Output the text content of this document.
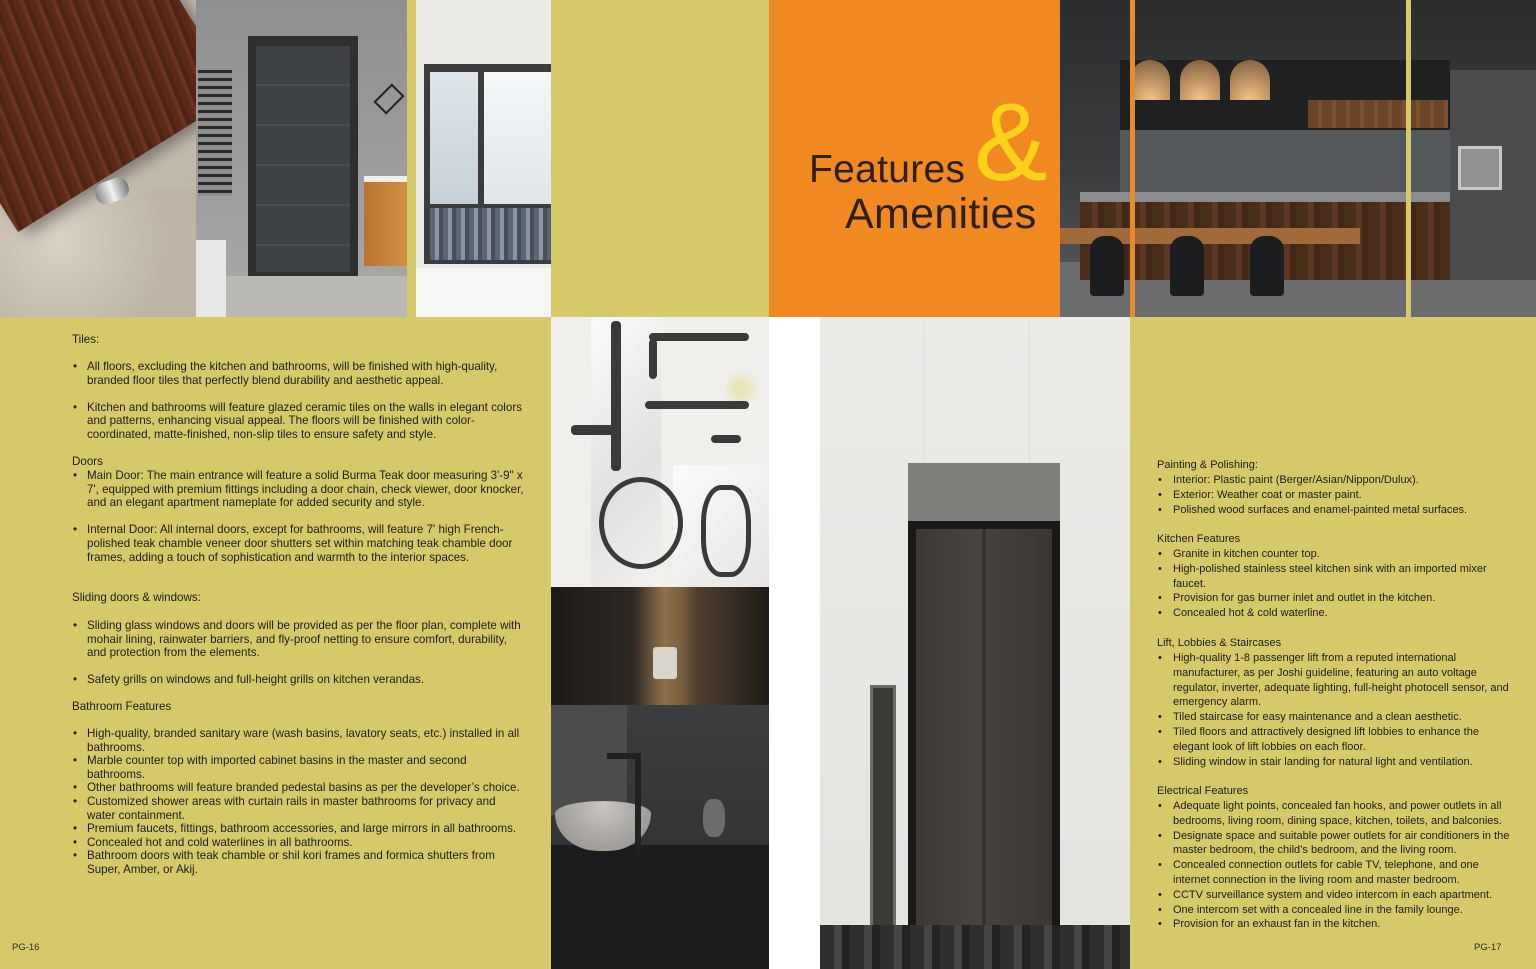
&
Features
Amenities
Tiles:
• All floors, excluding the kitchen and bathrooms, will be finished with high-quality, branded floor tiles that perfectly blend durability and aesthetic appeal.
• Kitchen and bathrooms will feature glazed ceramic tiles on the walls in elegant colors and patterns, enhancing visual appeal. The floors will be finished with color-coordinated, matte-finished, non-slip tiles to ensure safety and style.
Doors
• Main Door: The main entrance will feature a solid Burma Teak door measuring 3'-9" x 7', equipped with premium fittings including a door chain, check viewer, door knocker, and an elegant apartment nameplate for added security and style.
• Internal Door: All internal doors, except for bathrooms, will feature 7' high French-polished teak chamble veneer door shutters set within matching teak chamble door frames, adding a touch of sophistication and warmth to the interior spaces.
Sliding doors & windows:
• Sliding glass windows and doors will be provided as per the floor plan, complete with mohair lining, rainwater barriers, and fly-proof netting to ensure comfort, durability, and protection from the elements.
• Safety grills on windows and full-height grills on kitchen verandas.
Bathroom Features
• High-quality, branded sanitary ware (wash basins, lavatory seats, etc.) installed in all bathrooms.
• Marble counter top with imported cabinet basins in the master and second bathrooms.
• Other bathrooms will feature branded pedestal basins as per the developer’s choice.
• Customized shower areas with curtain rails in master bathrooms for privacy and water containment.
• Premium faucets, fittings, bathroom accessories, and large mirrors in all bathrooms.
• Concealed hot and cold waterlines in all bathrooms.
• Bathroom doors with teak chamble or shil kori frames and formica shutters from Super, Amber, or Akij.
PG-16
Painting & Polishing:
• Interior: Plastic paint (Berger/Asian/Nippon/Dulux).
• Exterior: Weather coat or master paint.
• Polished wood surfaces and enamel-painted metal surfaces.
Kitchen Features
• Granite in kitchen counter top.
• High-polished stainless steel kitchen sink with an imported mixer faucet.
• Provision for gas burner inlet and outlet in the kitchen.
• Concealed hot & cold waterline.
Lift, Lobbies & Staircases
• High-quality 1-8 passenger lift from a reputed international manufacturer, as per Joshi guideline, featuring an auto voltage regulator, inverter, adequate lighting, full-height photocell sensor, and emergency alarm.
• Tiled staircase for easy maintenance and a clean aesthetic.
• Tiled floors and attractively designed lift lobbies to enhance the elegant look of lift lobbies on each floor.
• Sliding window in stair landing for natural light and ventilation.
Electrical Features
• Adequate light points, concealed fan hooks, and power outlets in all bedrooms, living room, dining space, kitchen, toilets, and balconies.
• Designate space and suitable power outlets for air conditioners in the master bedroom, the child’s bedroom, and the living room.
• Concealed connection outlets for cable TV, telephone, and one internet connection in the living room and master bedroom.
• CCTV surveillance system and video intercom in each apartment.
• One intercom set with a concealed line in the family lounge.
• Provision for an exhaust fan in the kitchen.
PG-17
